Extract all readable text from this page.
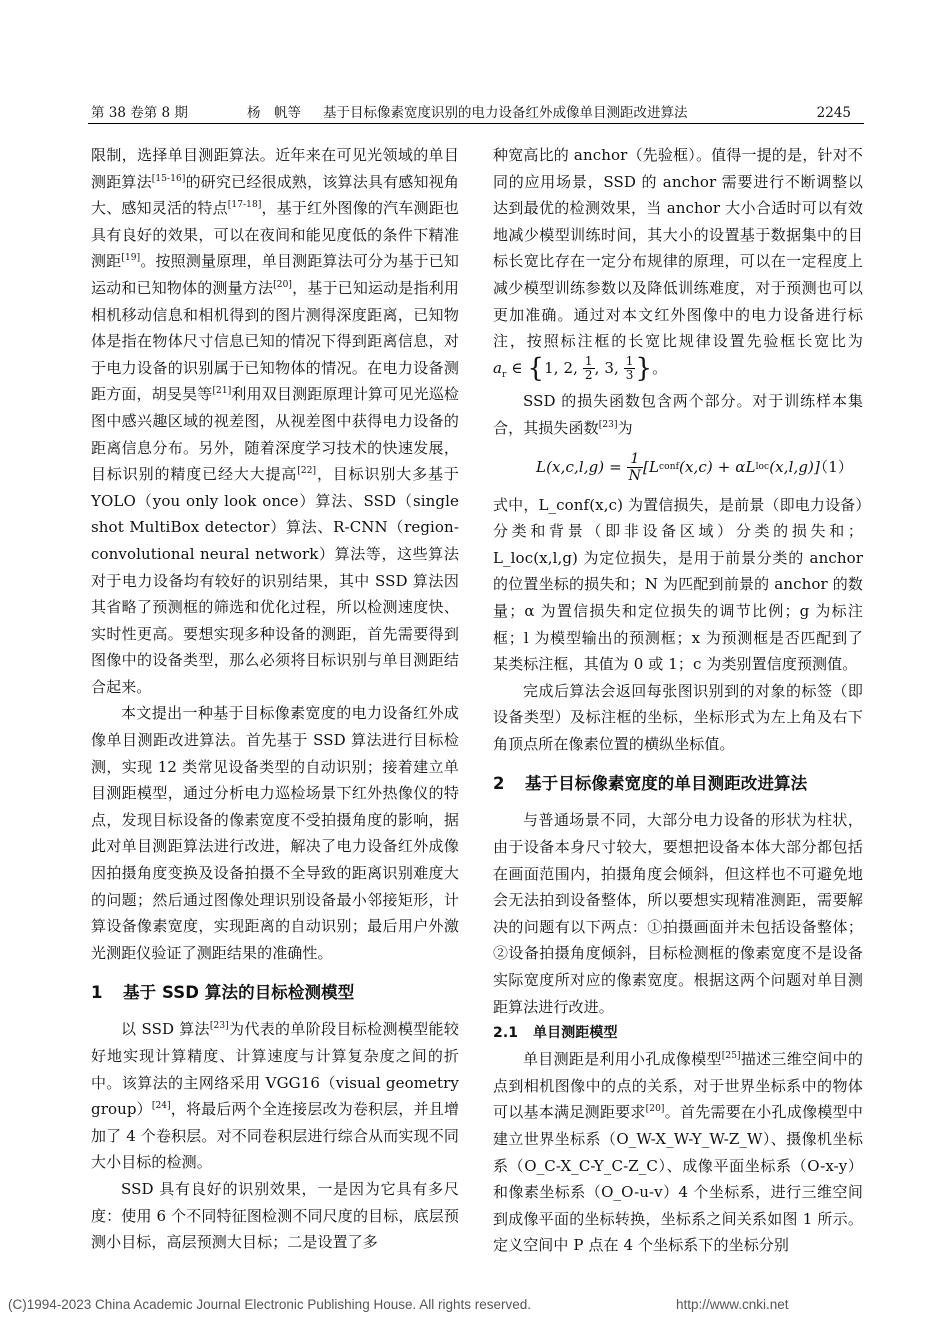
第 38 卷第 8 期	杨　帆等 基于目标像素宽度识别的电力设备红外成像单目测距改进算法	2245

限制，选择单目测距算法。近年来在可见光领域的单目测距算法[15-16]的研究已经很成熟，该算法具有感知视角大、感知灵活的特点[17-18]，基于红外图像的汽车测距也具有良好的效果，可以在夜间和能见度低的条件下精准测距[19]。按照测量原理，单目测距算法可分为基于已知运动和已知物体的测量方法[20]，基于已知运动是指利用相机移动信息和相机得到的图片测得深度距离，已知物体是指在物体尺寸信息已知的情况下得到距离信息，对于电力设备的识别属于已知物体的情况。在电力设备测距方面，胡旻昊等[21]利用双目测距原理计算可见光巡检图中感兴趣区域的视差图，从视差图中获得电力设备的距离信息分布。另外，随着深度学习技术的快速发展，目标识别的精度已经大大提高[22]，目标识别大多基于 YOLO（you only look once）算法、SSD（single shot MultiBox detector）算法、R-CNN（region-convolutional neural network）算法等，这些算法对于电力设备均有较好的识别结果，其中 SSD 算法因其省略了预测框的筛选和优化过程，所以检测速度快、实时性更高。要想实现多种设备的测距，首先需要得到图像中的设备类型，那么必须将目标识别与单目测距结合起来。

本文提出一种基于目标像素宽度的电力设备红外成像单目测距改进算法。首先基于 SSD 算法进行目标检测，实现 12 类常见设备类型的自动识别；接着建立单目测距模型，通过分析电力巡检场景下红外热像仪的特点，发现目标设备的像素宽度不受拍摄角度的影响，据此对单目测距算法进行改进，解决了电力设备红外成像因拍摄角度变换及设备拍摄不全导致的距离识别难度大的问题；然后通过图像处理识别设备最小邻接矩形，计算设备像素宽度，实现距离的自动识别；最后用户外激光测距仪验证了测距结果的准确性。

1 基于 SSD 算法的目标检测模型

以 SSD 算法[23]为代表的单阶段目标检测模型能较好地实现计算精度、计算速度与计算复杂度之间的折中。该算法的主网络采用 VGG16（visual geometry group）[24]，将最后两个全连接层改为卷积层，并且增加了 4 个卷积层。对不同卷积层进行综合从而实现不同大小目标的检测。

SSD 具有良好的识别效果，一是因为它具有多尺度：使用 6 个不同特征图检测不同尺度的目标，底层预测小目标，高层预测大目标；二是设置了多

种宽高比的 anchor（先验框）。值得一提的是，针对不同的应用场景，SSD 的 anchor 需要进行不断调整以达到最优的检测效果，当 anchor 大小合适时可以有效地减少模型训练时间，其大小的设置基于数据集中的目标长宽比存在一定分布规律的原理，可以在一定程度上减少模型训练参数以及降低训练难度，对于预测也可以更加准确。通过对本文红外图像中的电力设备进行标注，按照标注框的长宽比规律设置先验框长宽比为 $a_r$ ∈ {1, 2, $\frac{1}{2}$ , 3, $\frac{1}{3}$ }。

SSD 的损失函数包含两个部分。对于训练样本集合，其损失函数[23]为

L(x,c,l,g) =
$\frac{1}{N} [L$ conf (x,c) + αL loc (x,l,g)]
（1）

式中，L_conf(x,c) 为置信损失，是前景（即电力设备）分类和背景（即非设备区域）分类的损失和；L_loc(x,l,g) 为定位损失，是用于前景分类的 anchor 的位置坐标的损失和；N 为匹配到前景的 anchor 的数量；α 为置信损失和定位损失的调节比例；g 为标注框；l 为模型输出的预测框；x 为预测框是否匹配到了某类标注框，其值为 0 或 1；c 为类别置信度预测值。

完成后算法会返回每张图识别到的对象的标签（即设备类型）及标注框的坐标，坐标形式为左上角及右下角顶点所在像素位置的横纵坐标值。

2 基于目标像素宽度的单目测距改进算法

与普通场景不同，大部分电力设备的形状为柱状，由于设备本身尺寸较大，要想把设备本体大部分都包括在画面范围内，拍摄角度会倾斜，但这样也不可避免地会无法拍到设备整体，所以要想实现精准测距，需要解决的问题有以下两点：①拍摄画面并未包括设备整体；②设备拍摄角度倾斜，目标检测框的像素宽度不是设备实际宽度所对应的像素宽度。根据这两个问题对单目测距算法进行改进。

2.1 单目测距模型

单目测距是利用小孔成像模型[25]描述三维空间中的点到相机图像中的点的关系，对于世界坐标系中的物体可以基本满足测距要求[20]。首先需要在小孔成像模型中建立世界坐标系（O_W-X_W-Y_W-Z_W）、摄像机坐标系（O_C-X_C-Y_C-Z_C）、成像平面坐标系（O-x-y）和像素坐标系（O_O-u-v）4 个坐标系，进行三维空间到成像平面的坐标转换，坐标系之间关系如图 1 所示。定义空间中 P 点在 4 个坐标系下的坐标分别

(C)1994-2023 China Academic Journal Electronic Publishing House. All rights reserved.	http://www.cnki.net
